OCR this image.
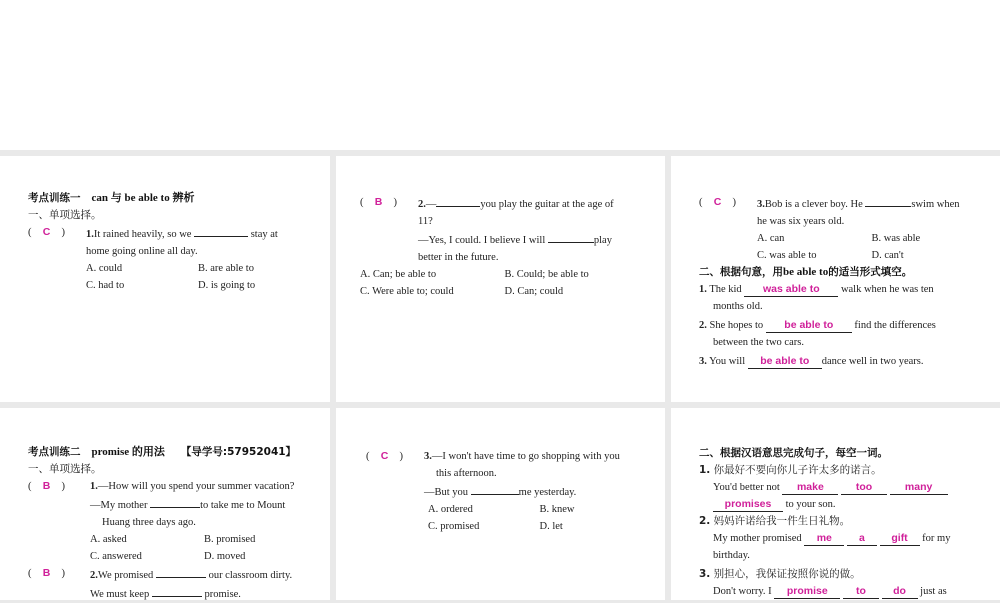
考点训练一 can 与 be able to 辨析
一、单项选择。
( C )	1.It rained heavily, so we	stay at
home going online all day.
A. could	B. are able to
C. had to	D. is going to
( B )	2.—	you play the guitar at the age of
11?
—Yes, I could. I believe I will	play
better in the future.
A. Can; be able to	B. Could; be able to
C. Were able to; could	D. Can; could
( C )	3.Bob is a clever boy. He	swim when
he was six years old.
A. can	B. was able
C. was able to	D. can't
二、根据句意，用be able to的适当形式填空。
1. The kid was able to walk when he was ten
months old.
2. She hopes to be able to find the differences
between the two cars.
3. You will be able to dance well in two years.
考点训练二 promise 的用法 【导学号:57952041】
一、单项选择。
( B )	1.—How will you spend your summer vacation?
—My mother	to take me to Mount
Huang three days ago.
A. asked	B. promised
C. answered	D. moved
( B )	2.We promised	our classroom dirty.
We must keep	promise.
( C )	3.—I won't have time to go shopping with you
this afternoon.
—But you	me yesterday.
A. ordered	B. knew
C. promised	D. let
二、根据汉语意思完成句子，每空一词。
1. 你最好不要向你儿子许太多的诺言。
You'd better not make	too	many
promises to your son.
2. 妈妈许诺给我一件生日礼物。
My mother promised me	a	gift for my
birthday.
3. 别担心，我保证按照你说的做。
Don't worry. I promise	to	do just as
